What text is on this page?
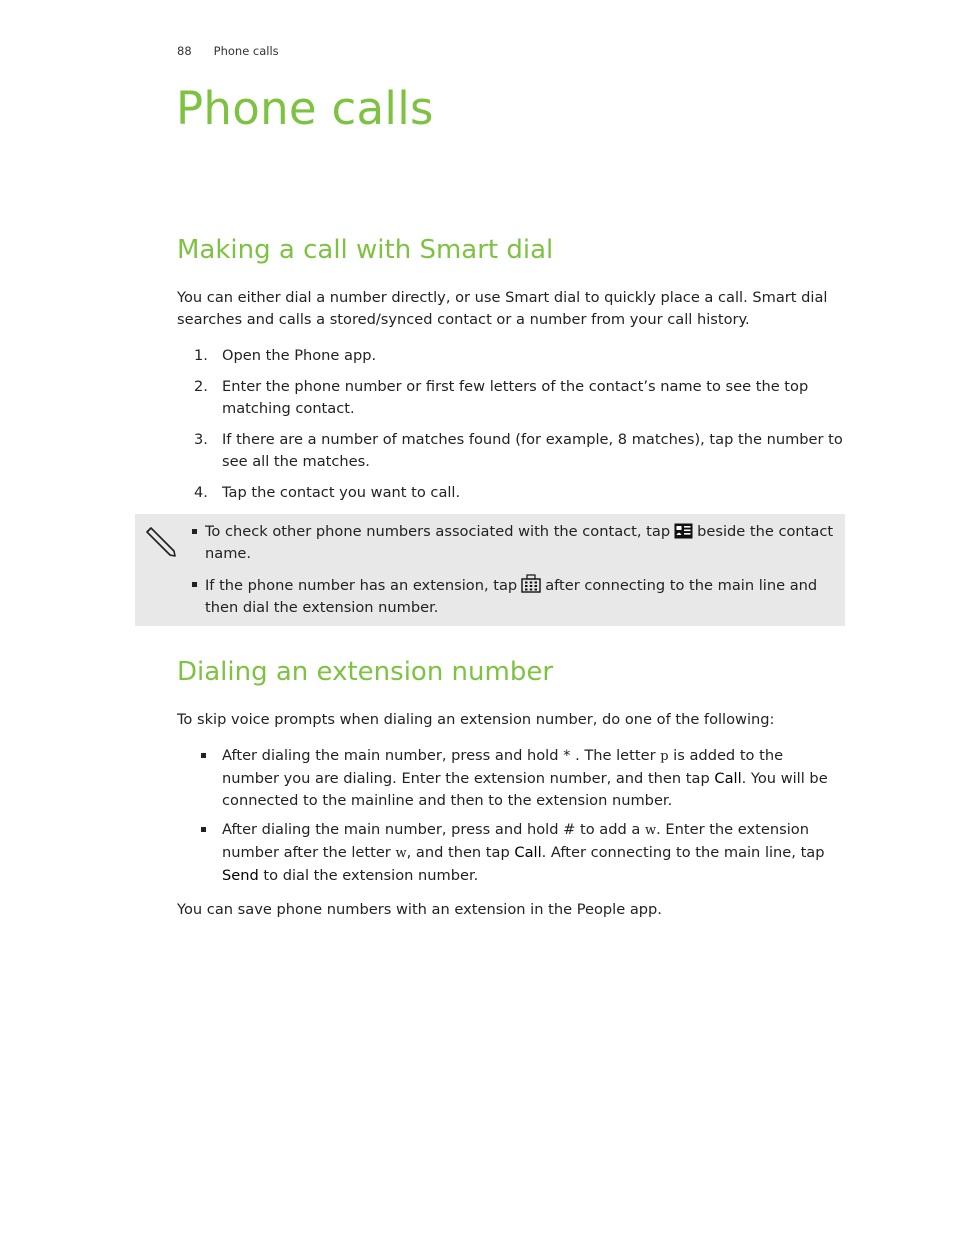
88 Phone calls
Phone calls
Making a call with Smart dial

You can either dial a number directly, or use Smart dial to quickly place a call. Smart dial searches and calls a stored/synced contact or a number from your call history.

1. Open the Phone app.
2. Enter the phone number or first few letters of the contact’s name to see the top matching contact.
3. If there are a number of matches found (for example, 8 matches), tap the number to see all the matches.
4. Tap the contact you want to call.
To check other phone numbers associated with the contact, tap beside the contact name.
If the phone number has an extension, tap after connecting to the main line and then dial the extension number.
Dialing an extension number

To skip voice prompts when dialing an extension number, do one of the following:

After dialing the main number, press and hold * . The letter p is added to the number you are dialing. Enter the extension number, and then tap Call. You will be connected to the mainline and then to the extension number.
After dialing the main number, press and hold # to add a w. Enter the extension number after the letter w, and then tap Call. After connecting to the main line, tap Send to dial the extension number.

You can save phone numbers with an extension in the People app.
